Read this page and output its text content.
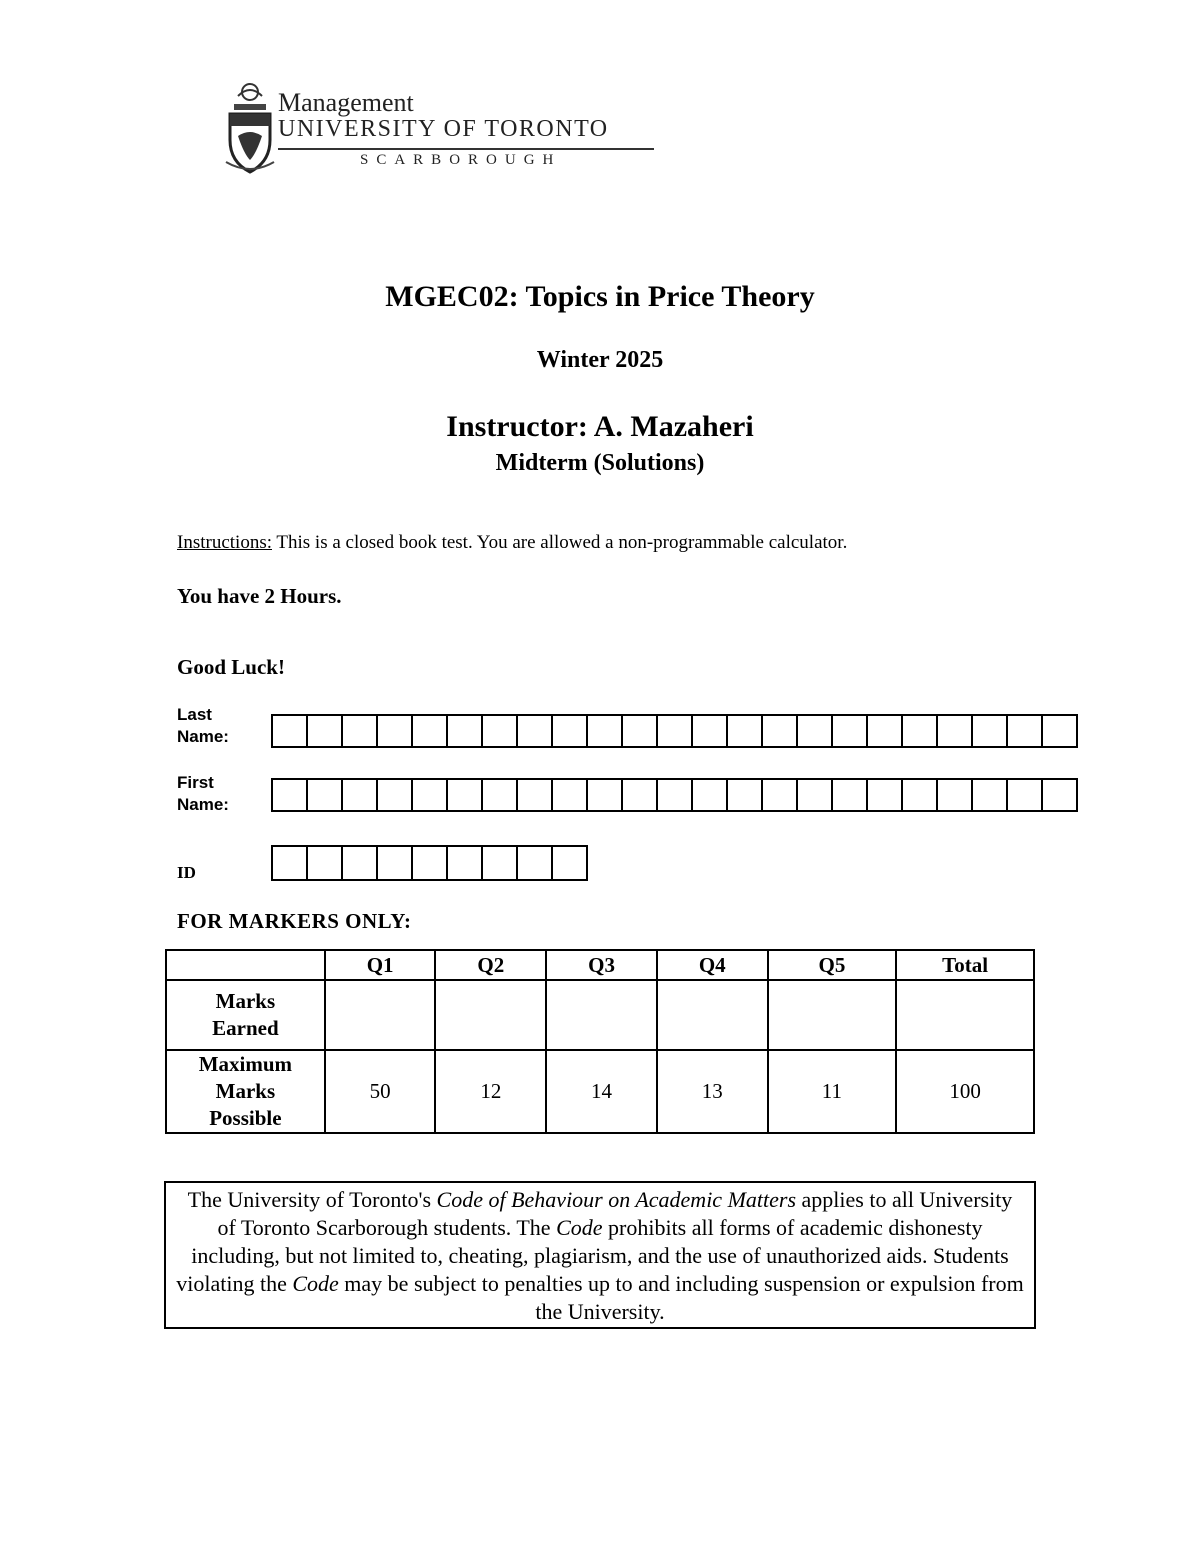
Management
UNIVERSITY OF TORONTO
SCARBOROUGH
MGEC02: Topics in Price Theory
Winter 2025
Instructor: A. Mazaheri
Midterm (Solutions)
Instructions: This is a closed book test. You are allowed a non-programmable calculator.
You have 2 Hours.
Good Luck!
Last
Name:
First
Name:
ID
FOR MARKERS ONLY:
	Q1	Q2	Q3	Q4	Q5	Total

Marks
Earned						

Maximum
Marks
Possible	50	12	14	13	11	100
The University of Toronto's Code of Behaviour on Academic Matters applies to all University of Toronto Scarborough students. The Code prohibits all forms of academic dishonesty including, but not limited to, cheating, plagiarism, and the use of unauthorized aids. Students violating the Code may be subject to penalties up to and including suspension or expulsion from the University.
